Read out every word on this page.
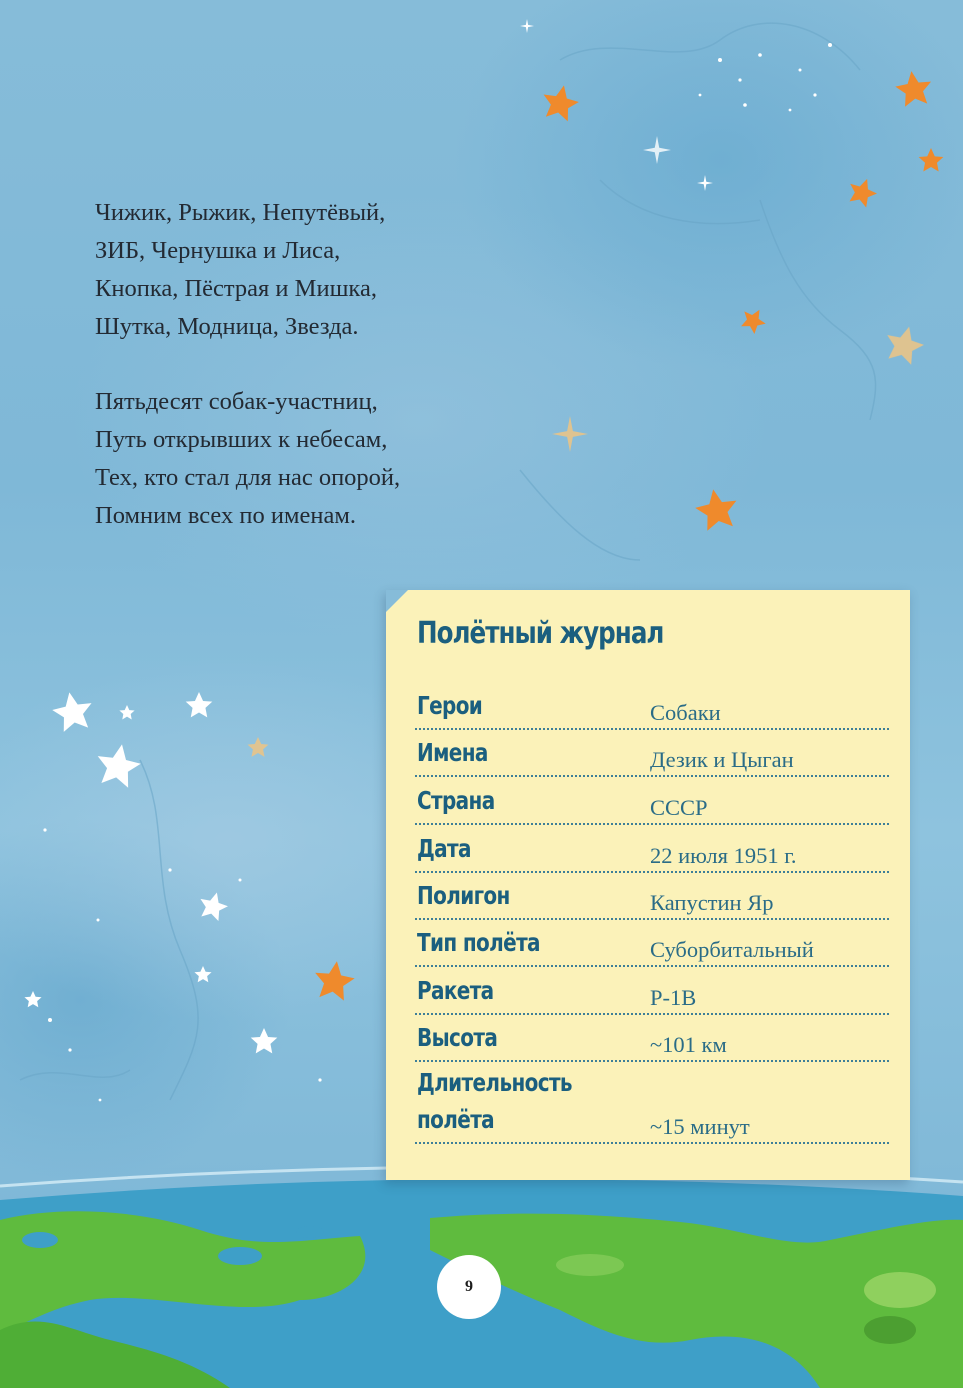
Чижик, Рыжик, Непутёвый,

ЗИБ, Чернушка и Лиса,

Кнопка, Пёстрая и Мишка,

Шутка, Модница, Звезда.

Пятьдесят собак-участниц,

Путь открывших к небесам,

Тех, кто стал для нас опорой,

Помним всех по именам.

Полётный журнал
Герои	Собаки
Имена	Дезик и Цыган
Страна	СССР
Дата	22 июля 1951 г.
Полигон	Капустин Яр
Тип полёта	Суборбитальный
Ракета	Р-1В
Высота	~101 км
Длительность
полёта	~15 минут
9
